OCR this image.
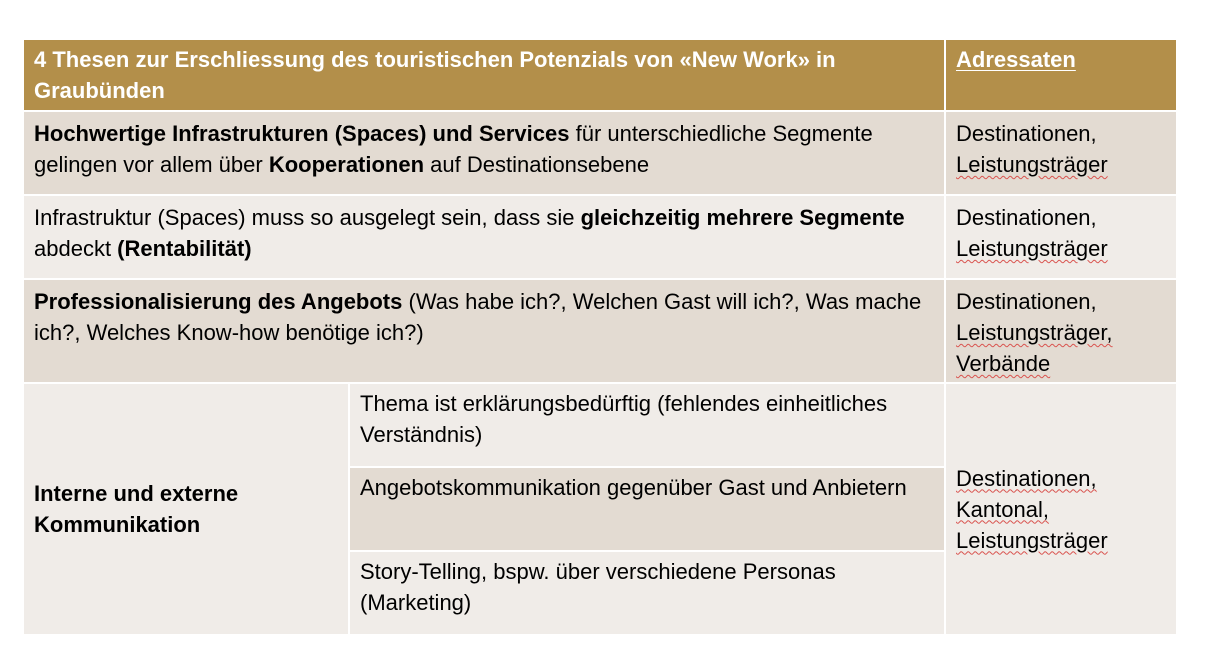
4 Thesen zur Erschliessung des touristischen Potenzials von «New Work» in Graubünden
Adressaten
Hochwertige Infrastrukturen (Spaces) und Services für unterschiedliche Segmente gelingen vor allem über Kooperationen auf Destinationsebene
Destinationen,
Leistungsträger
Infrastruktur (Spaces) muss so ausgelegt sein, dass sie gleichzeitig mehrere Segmente abdeckt (Rentabilität)
Destinationen,
Leistungsträger
Professionalisierung des Angebots (Was habe ich?, Welchen Gast will ich?, Was mache ich?, Welches Know-how benötige ich?)
Destinationen,
Leistungsträger,
Verbände
Interne und externe Kommunikation
Thema ist erklärungsbedürftig (fehlendes einheitliches Verständnis)
Angebotskommunikation gegenüber Gast und Anbietern
Story-Telling, bspw. über verschiedene Personas (Marketing)
Destinationen,
Kantonal,
Leistungsträger
